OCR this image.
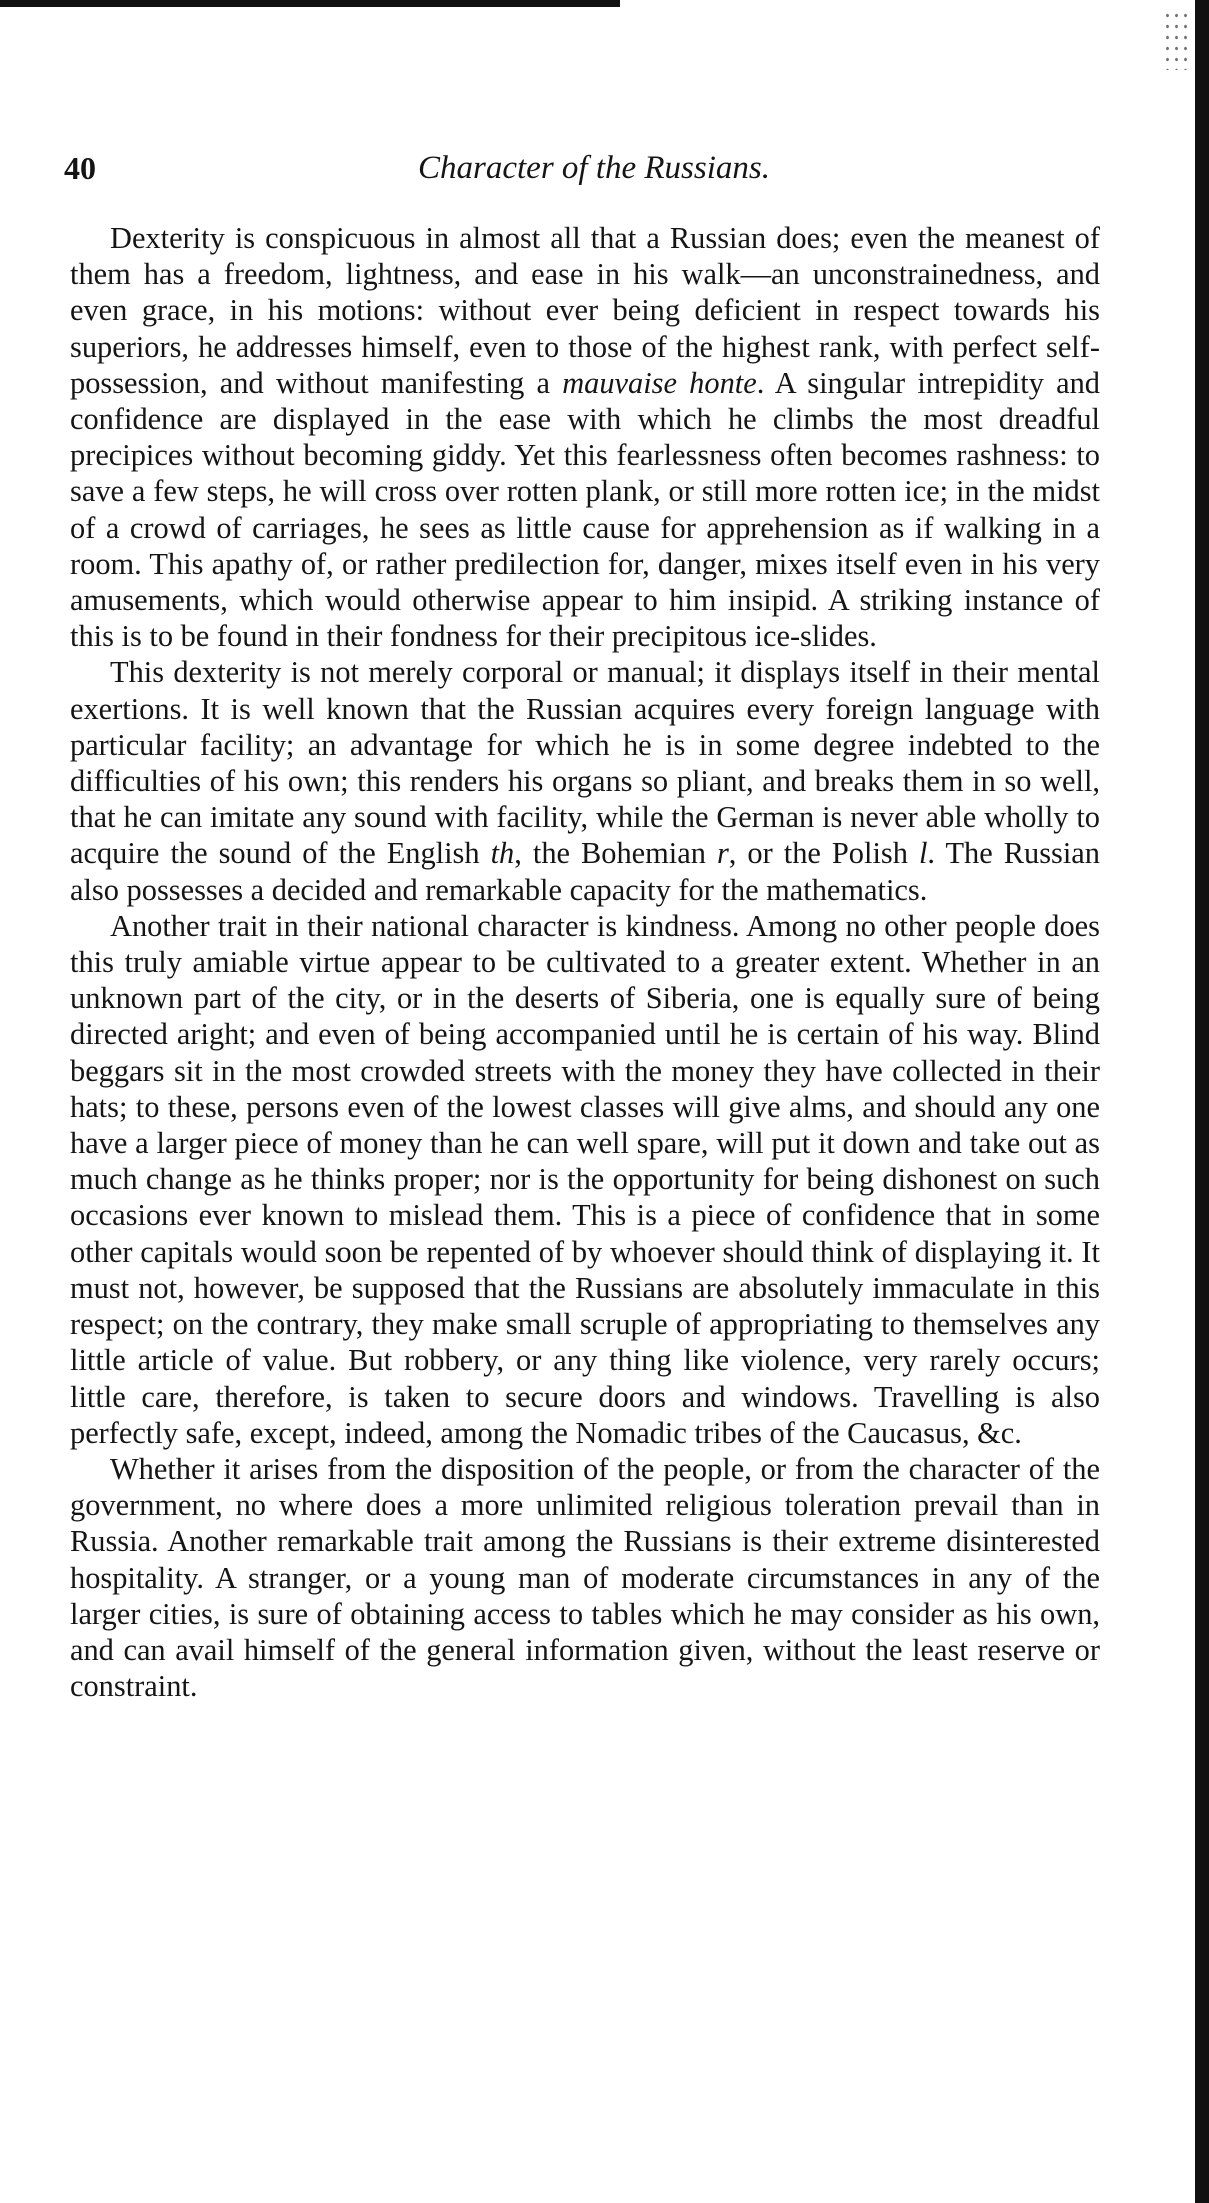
40	Character of the Russians.

Dexterity is conspicuous in almost all that a Russian does; even the meanest of them has a freedom, lightness, and ease in his walk—an unconstrainedness, and even grace, in his motions: without ever being deficient in respect towards his superiors, he addresses himself, even to those of the highest rank, with perfect self-possession, and without manifesting a mauvaise honte. A singular intrepidity and confidence are displayed in the ease with which he climbs the most dreadful precipices without becoming giddy. Yet this fearlessness often becomes rashness: to save a few steps, he will cross over rotten plank, or still more rotten ice; in the midst of a crowd of carriages, he sees as little cause for apprehension as if walking in a room. This apathy of, or rather predilection for, danger, mixes itself even in his very amusements, which would otherwise appear to him insipid. A striking instance of this is to be found in their fondness for their precipitous ice-slides.

This dexterity is not merely corporal or manual; it displays itself in their mental exertions. It is well known that the Russian acquires every foreign language with particular facility; an advantage for which he is in some degree indebted to the difficulties of his own; this renders his organs so pliant, and breaks them in so well, that he can imitate any sound with facility, while the German is never able wholly to acquire the sound of the English th, the Bohemian r, or the Polish l. The Russian also possesses a decided and remarkable capacity for the mathematics.

Another trait in their national character is kindness. Among no other people does this truly amiable virtue appear to be cultivated to a greater extent. Whether in an unknown part of the city, or in the deserts of Siberia, one is equally sure of being directed aright; and even of being accompanied until he is certain of his way. Blind beggars sit in the most crowded streets with the money they have collected in their hats; to these, persons even of the lowest classes will give alms, and should any one have a larger piece of money than he can well spare, will put it down and take out as much change as he thinks proper; nor is the opportunity for being dishonest on such occasions ever known to mislead them. This is a piece of confidence that in some other capitals would soon be repented of by whoever should think of displaying it. It must not, however, be supposed that the Russians are absolutely immaculate in this respect; on the contrary, they make small scruple of appropriating to themselves any little article of value. But robbery, or any thing like violence, very rarely occurs; little care, therefore, is taken to secure doors and windows. Travelling is also perfectly safe, except, indeed, among the Nomadic tribes of the Caucasus, &c.

Whether it arises from the disposition of the people, or from the character of the government, no where does a more unlimited religious toleration prevail than in Russia. Another remarkable trait among the Russians is their extreme disinterested hospitality. A stranger, or a young man of moderate circumstances in any of the larger cities, is sure of obtaining access to tables which he may consider as his own, and can avail himself of the general information given, without the least reserve or constraint.
